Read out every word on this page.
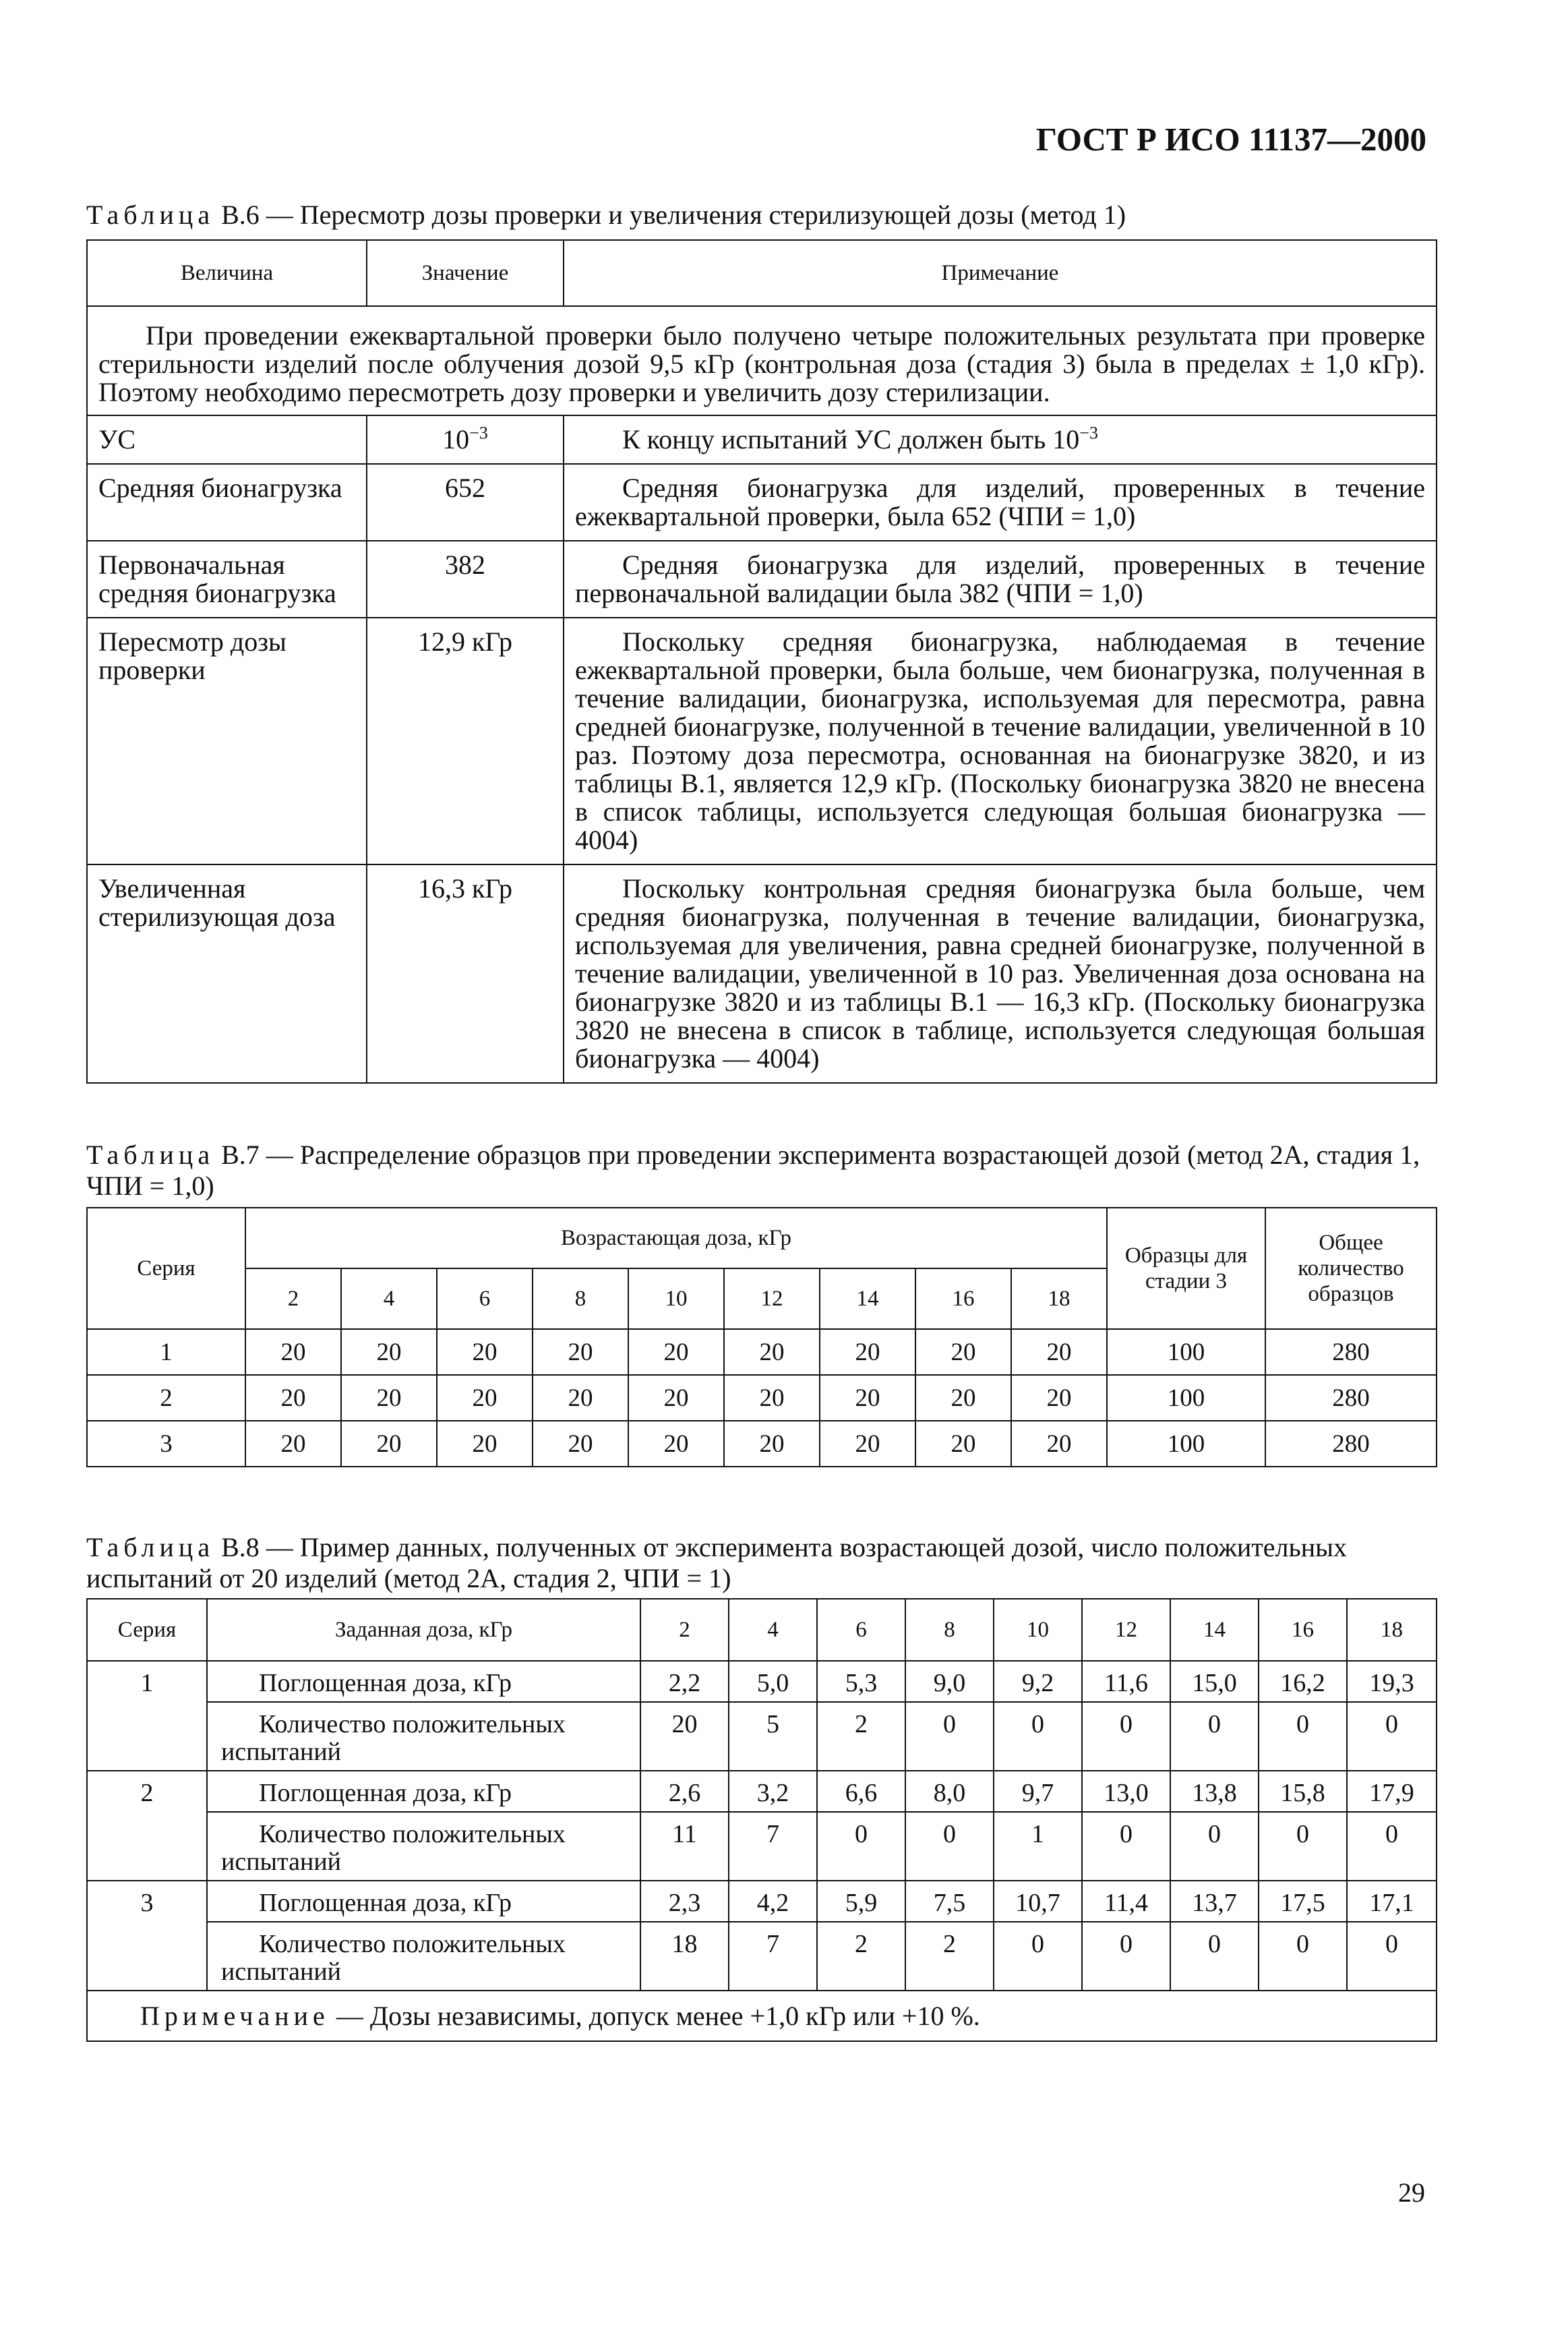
ГОСТ Р ИСО 11137—2000
Таблица В.6 — Пересмотр дозы проверки и увеличения стерилизующей дозы (метод 1)
Величина	Значение	Примечание
При проведении ежеквартальной проверки было получено четыре положительных результата при проверке стерильности изделий после облучения дозой 9,5 кГр (контрольная доза (стадия 3) была в пределах ± 1,0 кГр). Поэтому необходимо пересмотреть дозу проверки и увеличить дозу стерилизации.		
УС	$10^{-3}$	К концу испытаний УС должен быть $10^{-3}$
Средняя бионагрузка	652	Средняя бионагрузка для изделий, проверенных в течение ежеквартальной проверки, была 652 (ЧПИ = 1,0)
Первоначальная средняя бионагрузка	382	Средняя бионагрузка для изделий, проверенных в течение первоначальной валидации была 382 (ЧПИ = 1,0)
Пересмотр дозы проверки	12,9 кГр	Поскольку средняя бионагрузка, наблюдаемая в течение ежеквартальной проверки, была больше, чем бионагрузка, полученная в течение валидации, бионагрузка, используемая для пересмотра, равна средней бионагрузке, полученной в течение валидации, увеличенной в 10 раз. Поэтому доза пересмотра, основанная на бионагрузке 3820, и из таблицы В.1, является 12,9 кГр. (Поскольку бионагрузка 3820 не внесена в список таблицы, используется следующая большая бионагрузка — 4004)
Увеличенная стерилизующая доза	16,3 кГр	Поскольку контрольная средняя бионагрузка была больше, чем средняя бионагрузка, полученная в течение валидации, бионагрузка, используемая для увеличения, равна средней бионагрузке, полученной в течение валидации, увеличенной в 10 раз. Увеличенная доза основана на бионагрузке 3820 и из таблицы В.1 — 16,3 кГр. (Поскольку бионагрузка 3820 не внесена в список в таблице, используется следующая большая бионагрузка — 4004)
Таблица В.7 — Распределение образцов при проведении эксперимента возрастающей дозой (метод 2А, стадия 1, ЧПИ = 1,0)
Серия	Возрастающая доза, кГр									Образцы для стадии 3	Общее количество образцов
	2	4	6	8	10	12	14	16	18		
1	20	20	20	20	20	20	20	20	20	100	280
2	20	20	20	20	20	20	20	20	20	100	280
3	20	20	20	20	20	20	20	20	20	100	280
Таблица В.8 — Пример данных, полученных от эксперимента возрастающей дозой, число положительных испытаний от 20 изделий (метод 2А, стадия 2, ЧПИ = 1)
Серия	Заданная доза, кГр	2	4	6	8	10	12	14	16	18
1	Поглощенная доза, кГр	2,2	5,0	5,3	9,0	9,2	11,6	15,0	16,2	19,3
	Количество положительных испытаний	20	5	2	0	0	0	0	0	0
2	Поглощенная доза, кГр	2,6	3,2	6,6	8,0	9,7	13,0	13,8	15,8	17,9
	Количество положительных испытаний	11	7	0	0	1	0	0	0	0
3	Поглощенная доза, кГр	2,3	4,2	5,9	7,5	10,7	11,4	13,7	17,5	17,1
	Количество положительных испытаний	18	7	2	2	0	0	0	0	0
Примечание — Дозы независимы, допуск менее +1,0 кГр или +10 %.										
29
